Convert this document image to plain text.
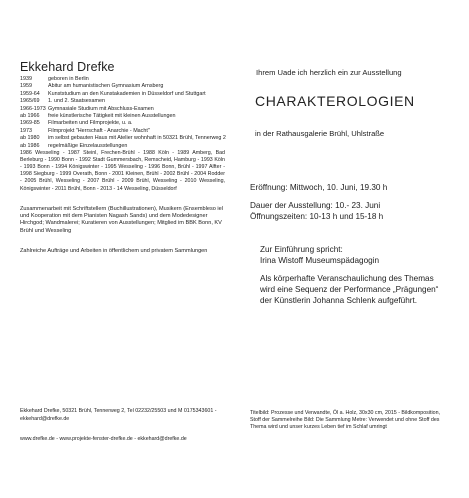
Ekkehard Drefke
1939	geboren in Berlin
1959	Abitur am humanistischen Gymnasium Arnsberg
1959-64	Kunststudium an den Kunstakademien in Düsseldorf und Stuttgart
1965/69	1. und 2. Staatsexamen
1966-1973 Gymnasiale Studium mit Abschluss-Examen
ab 1966	freie künstlerische Tätigkeit mit kleinen Ausstellungen
1969-85	Filmarbeiten und Filmprojekte, u. a.
1973	Filmprojekt "Herrschaft - Anarchie - Macht"
ab 1980	im selbst gebauten Haus mit Atelier wohnhaft in 50321 Brühl, Tennerweg 2
ab 1986	regelmäßige Einzelausstellungen
1986 Wesseling - 1987 Steinl, Frechen-Brühl - 1988 Köln - 1989 Amberg, Bad Berleburg - 1990 Bonn - 1992 Stadt Gummersbach, Remscheid, Hamburg - 1993 Köln - 1993 Bonn - 1994 Königswinter - 1995 Wesseling - 1996 Bonn, Brühl - 1997 Alfter - 1998 Siegburg - 1999 Overath, Bonn - 2001 Kleinen, Brühl - 2002 Brühl - 2004 Rodder - 2005 Brühl, Wesseling - 2007 Brühl - 2009 Brühl, Wesseling - 2010 Wesseling, Königswinter - 2011 Brühl, Bonn - 2013 - 14 Wesseling, Düsseldorf
Zusammenarbeit mit Schriftstellern (Buchillustrationen), Musikern (Ensembleso iel und Kooperation mit dem Pianisten Nagash Sands) und dem Modedesigner Hirchgod; Wandmalerei; Kuratieren von Ausstellungen; Mitglied im BBK Bonn, KV Brühl und Wesseling
Zahlreiche Aufträge und Arbeiten in öffentlichem und privatem Sammlungen
Ihrem Uade ich herzlich ein zur Ausstellung
CHARAKTEROLOGIEN
in der Rathausgalerie Brühl, Uhlstraße
Eröffnung: Mittwoch, 10. Juni, 19.30 h
Dauer der Ausstellung: 10.- 23. Juni
Öffnungszeiten: 10-13 h und 15-18 h
Zur Einführung spricht:
Irina Wistoff Museumspädagogin
Als körperhafte Veranschaulichung des Themas wird eine Sequenz der Performance „Prägungen“ der Künstlerin Johanna Schlenk aufgeführt.
Ekkehard Drefke, 50321 Brühl, Tennerweg 2, Tel 02232/25503 und M 0175343601 - ekkehard@drefke.de
www.drefke.de - www.projekte-fenster-drefke.de - ekkehard@drefke.de
Titelbild: Prozesse und Verwandte, Öl a. Holz, 30x30 cm, 2015 - Bildkomposition, Stoff der Sammelreihe Bild: Die Sammlung Metre: Verwendet und ohne Stoff des Thema wird und unser kurzes Leben tief im Schlaf umringt
